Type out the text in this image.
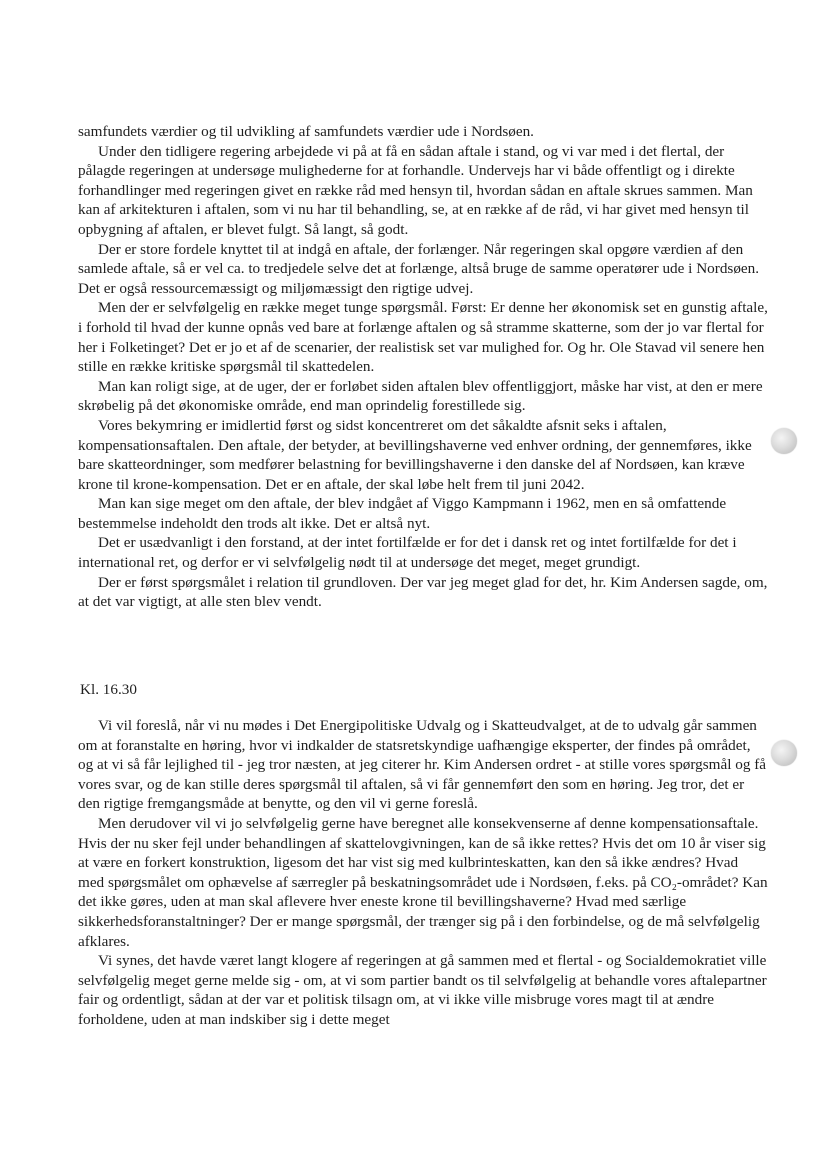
samfundets værdier og til udvikling af samfundets værdier ude i Nordsøen.

Under den tidligere regering arbejdede vi på at få en sådan aftale i stand, og vi var med i det flertal, der pålagde regeringen at undersøge mulighederne for at forhandle. Undervejs har vi både offentligt og i direkte forhandlinger med regeringen givet en række råd med hensyn til, hvordan sådan en aftale skrues sammen. Man kan af arkitekturen i aftalen, som vi nu har til behandling, se, at en række af de råd, vi har givet med hensyn til opbygning af aftalen, er blevet fulgt. Så langt, så godt.

Der er store fordele knyttet til at indgå en aftale, der forlænger. Når regeringen skal opgøre værdien af den samlede aftale, så er vel ca. to tredjedele selve det at forlænge, altså bruge de samme operatører ude i Nordsøen. Det er også ressourcemæssigt og miljømæssigt den rigtige udvej.

Men der er selvfølgelig en række meget tunge spørgsmål. Først: Er denne her økonomisk set en gunstig aftale, i forhold til hvad der kunne opnås ved bare at forlænge aftalen og så stramme skatterne, som der jo var flertal for her i Folketinget? Det er jo et af de scenarier, der realistisk set var mulighed for. Og hr. Ole Stavad vil senere hen stille en række kritiske spørgsmål til skattedelen.

Man kan roligt sige, at de uger, der er forløbet siden aftalen blev offentliggjort, måske har vist, at den er mere skrøbelig på det økonomiske område, end man oprindelig forestillede sig.

Vores bekymring er imidlertid først og sidst koncentreret om det såkaldte afsnit seks i aftalen, kompensationsaftalen. Den aftale, der betyder, at bevillingshaverne ved enhver ordning, der gennemføres, ikke bare skatteordninger, som medfører belastning for bevillingshaverne i den danske del af Nordsøen, kan kræve krone til krone-kompensation. Det er en aftale, der skal løbe helt frem til juni 2042.

Man kan sige meget om den aftale, der blev indgået af Viggo Kampmann i 1962, men en så omfattende bestemmelse indeholdt den trods alt ikke. Det er altså nyt.

Det er usædvanligt i den forstand, at der intet fortilfælde er for det i dansk ret og intet fortilfælde for det i international ret, og derfor er vi selvfølgelig nødt til at undersøge det meget, meget grundigt.

Der er først spørgsmålet i relation til grundloven. Der var jeg meget glad for det, hr. Kim Andersen sagde, om, at det var vigtigt, at alle sten blev vendt.

Kl. 16.30

Vi vil foreslå, når vi nu mødes i Det Energipolitiske Udvalg og i Skatteudvalget, at de to udvalg går sammen om at foranstalte en høring, hvor vi indkalder de statsretskyndige uafhængige eksperter, der findes på området, og at vi så får lejlighed til - jeg tror næsten, at jeg citerer hr. Kim Andersen ordret - at stille vores spørgsmål og få vores svar, og de kan stille deres spørgsmål til aftalen, så vi får gennemført den som en høring. Jeg tror, det er den rigtige fremgangsmåde at benytte, og den vil vi gerne foreslå.

Men derudover vil vi jo selvfølgelig gerne have beregnet alle konsekvenserne af denne kompensationsaftale. Hvis der nu sker fejl under behandlingen af skattelovgivningen, kan de så ikke rettes? Hvis det om 10 år viser sig at være en forkert konstruktion, ligesom det har vist sig med kulbrinteskatten, kan den så ikke ændres? Hvad med spørgsmålet om ophævelse af særregler på beskatningsområdet ude i Nordsøen, f.eks. på CO₂-området? Kan det ikke gøres, uden at man skal aflevere hver eneste krone til bevillingshaverne? Hvad med særlige sikkerhedsforanstaltninger? Der er mange spørgsmål, der trænger sig på i den forbindelse, og de må selvfølgelig afklares.

Vi synes, det havde været langt klogere af regeringen at gå sammen med et flertal - og Socialdemokratiet ville selvfølgelig meget gerne melde sig - om, at vi som partier bandt os til selvfølgelig at behandle vores aftalepartner fair og ordentligt, sådan at der var et politisk tilsagn om, at vi ikke ville misbruge vores magt til at ændre forholdene, uden at man indskiber sig i dette meget
